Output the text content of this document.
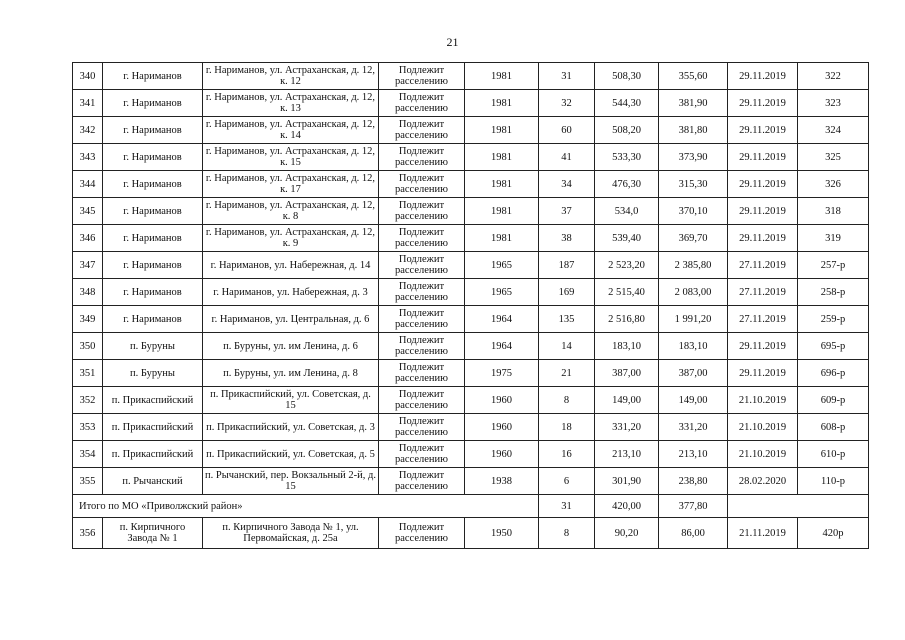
21
340	г. Нариманов	г. Нариманов, ул. Астраханская, д. 12, к. 12	Подлежит расселению	1981	31	508,30	355,60	29.11.2019	322
341	г. Нариманов	г. Нариманов, ул. Астраханская, д. 12, к. 13	Подлежит расселению	1981	32	544,30	381,90	29.11.2019	323
342	г. Нариманов	г. Нариманов, ул. Астраханская, д. 12, к. 14	Подлежит расселению	1981	60	508,20	381,80	29.11.2019	324
343	г. Нариманов	г. Нариманов, ул. Астраханская, д. 12, к. 15	Подлежит расселению	1981	41	533,30	373,90	29.11.2019	325
344	г. Нариманов	г. Нариманов, ул. Астраханская, д. 12, к. 17	Подлежит расселению	1981	34	476,30	315,30	29.11.2019	326
345	г. Нариманов	г. Нариманов, ул. Астраханская, д. 12, к. 8	Подлежит расселению	1981	37	534,0	370,10	29.11.2019	318
346	г. Нариманов	г. Нариманов, ул. Астраханская, д. 12, к. 9	Подлежит расселению	1981	38	539,40	369,70	29.11.2019	319
347	г. Нариманов	г. Нариманов, ул. Набережная, д. 14	Подлежит расселению	1965	187	2 523,20	2 385,80	27.11.2019	257-р
348	г. Нариманов	г. Нариманов, ул. Набережная, д. 3	Подлежит расселению	1965	169	2 515,40	2 083,00	27.11.2019	258-р
349	г. Нариманов	г. Нариманов, ул. Центральная, д. 6	Подлежит расселению	1964	135	2 516,80	1 991,20	27.11.2019	259-р
350	п. Буруны	п. Буруны, ул. им Ленина, д. 6	Подлежит расселению	1964	14	183,10	183,10	29.11.2019	695-р
351	п. Буруны	п. Буруны, ул. им Ленина, д. 8	Подлежит расселению	1975	21	387,00	387,00	29.11.2019	696-р
352	п. Прикаспийский	п. Прикаспийский, ул. Советская, д. 15	Подлежит расселению	1960	8	149,00	149,00	21.10.2019	609-р
353	п. Прикаспийский	п. Прикаспийский, ул. Советская, д. 3	Подлежит расселению	1960	18	331,20	331,20	21.10.2019	608-р
354	п. Прикаспийский	п. Прикаспийский, ул. Советская, д. 5	Подлежит расселению	1960	16	213,10	213,10	21.10.2019	610-р
355	п. Рычанский	п. Рычанский, пер. Вокзальный 2-й, д. 15	Подлежит расселению	1938	6	301,90	238,80	28.02.2020	110-р
Итого по МО «Приволжский район»					31	420,00	377,80		
356	п. Кирпичного Завода № 1	п. Кирпичного Завода № 1, ул. Первомайская, д. 25а	Подлежит расселению	1950	8	90,20	86,00	21.11.2019	420р
